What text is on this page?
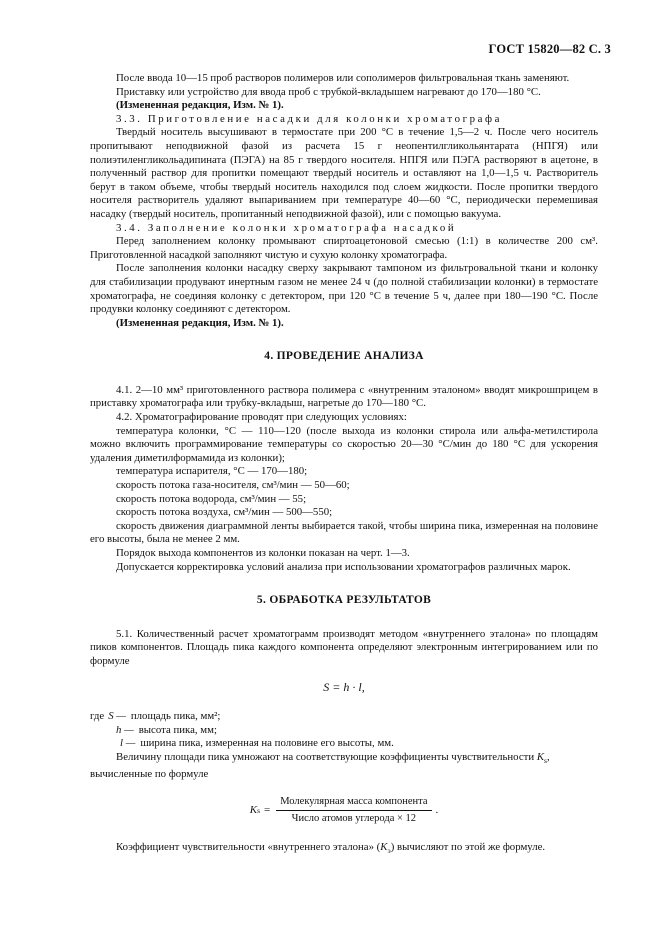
ГОСТ 15820—82 С. 3

После ввода 10—15 проб растворов полимеров или сополимеров фильтровальная ткань заменяют.

Приставку или устройство для ввода проб с трубкой-вкладышем нагревают до 170—180 °С.

(Измененная редакция, Изм. № 1).

3.3. Приготовление насадки для колонки хроматографа

Твердый носитель высушивают в термостате при 200 °С в течение 1,5—2 ч. После чего носитель пропитывают неподвижной фазой из расчета 15 г неопентилгликольянтарата (НПГЯ) или полиэтиленгликольадипината (ПЭГА) на 85 г твердого носителя. НПГЯ или ПЭГА растворяют в ацетоне, в полученный раствор для пропитки помещают твердый носитель и оставляют на 1,0—1,5 ч. Растворитель берут в таком объеме, чтобы твердый носитель находился под слоем жидкости. После пропитки твердого носителя растворитель удаляют выпариванием при температуре 40—60 °С, периодически перемешивая насадку (твердый носитель, пропитанный неподвижной фазой), или с помощью вакуума.

3.4. Заполнение колонки хроматографа насадкой

Перед заполнением колонку промывают спиртоацетоновой смесью (1:1) в количестве 200 см³. Приготовленной насадкой заполняют чистую и сухую колонку хроматографа.

После заполнения колонки насадку сверху закрывают тампоном из фильтровальной ткани и колонку для стабилизации продувают инертным газом не менее 24 ч (до полной стабилизации колонки) в термостате хроматографа, не соединяя колонку с детектором, при 120 °С в течение 5 ч, далее при 180—190 °С. После продувки колонку соединяют с детектором.

(Измененная редакция, Изм. № 1).

4. ПРОВЕДЕНИЕ АНАЛИЗА

4.1. 2—10 мм³ приготовленного раствора полимера с «внутренним эталоном» вводят микрошприцем в приставку хроматографа или трубку-вкладыш, нагретые до 170—180 °С.

4.2. Хроматографирование проводят при следующих условиях:

температура колонки, °С — 110—120 (после выхода из колонки стирола или альфа-метилстирола можно включить программирование температуры со скоростью 20—30 °С/мин до 180 °С для ускорения удаления диметилформамида из колонки);

температура испарителя, °С — 170—180;

скорость потока газа-носителя, см³/мин — 50—60;

скорость потока водорода, см³/мин — 55;

скорость потока воздуха, см³/мин — 500—550;

скорость движения диаграммной ленты выбирается такой, чтобы ширина пика, измеренная на половине его высоты, была не менее 2 мм.

Порядок выхода компонентов из колонки показан на черт. 1—3.

Допускается корректировка условий анализа при использовании хроматографов различных марок.

5. ОБРАБОТКА РЕЗУЛЬТАТОВ

5.1. Количественный расчет хроматограмм производят методом «внутреннего эталона» по площадям пиков компонентов. Площадь пика каждого компонента определяют электронным интегрированием или по формуле

S = h · l,
где S — площадь пика, мм²;
h — высота пика, мм;
l — ширина пика, измеренная на половине его высоты, мм.

Величину площади пика умножают на соответствующие коэффициенты чувствительности $K_s$,

вычисленные по формуле

K $s = \frac{\text{Молекулярная масса компонента}}{\text{Число атомов углерода × 12}}$ .

Коэффициент чувствительности «внутреннего эталона» $(K_э)$ вычисляют по этой же формуле.
